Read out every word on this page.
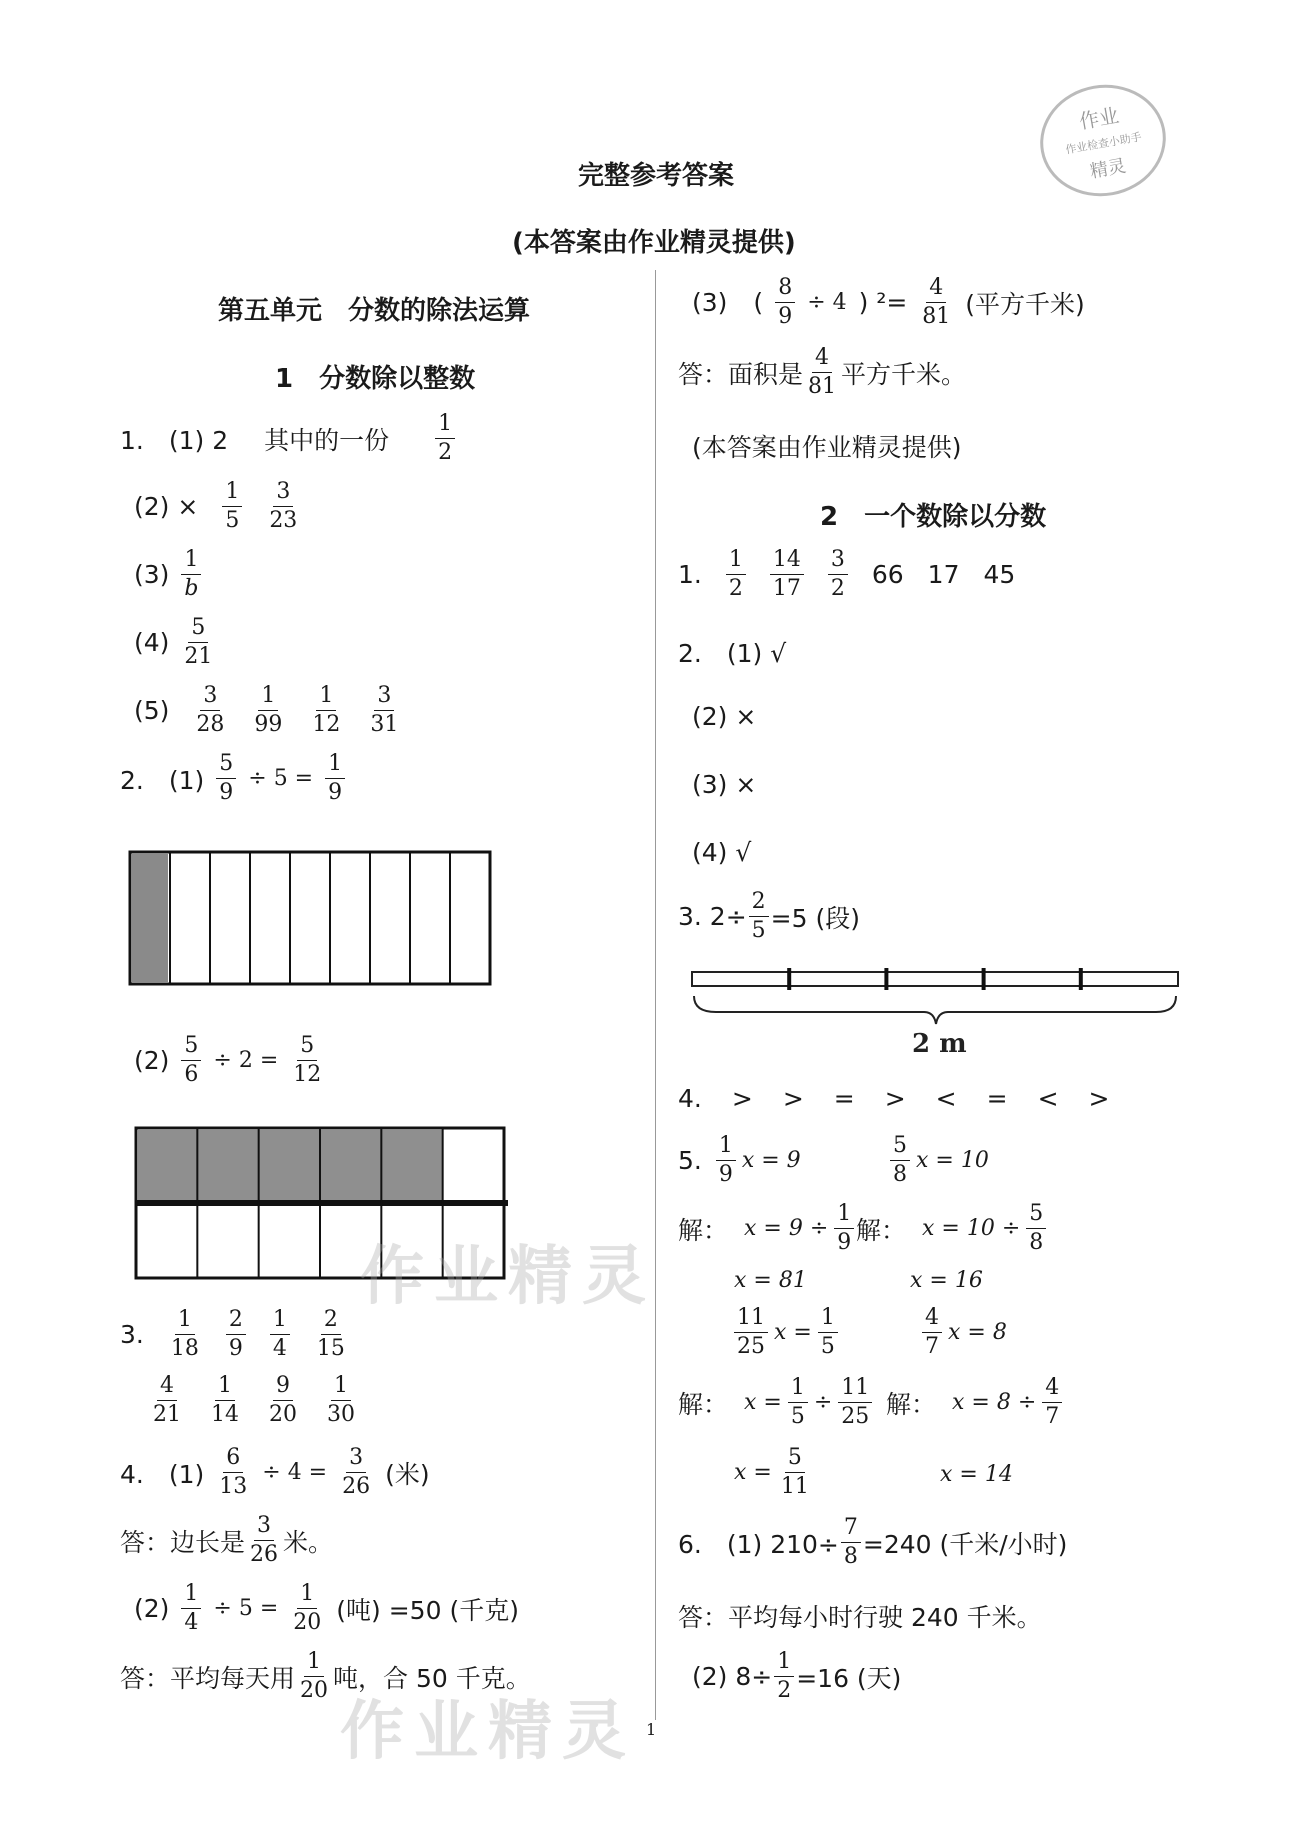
作业
作业检查小助手
精灵
完整参考答案
(本答案由作业精灵提供)
第五单元　分数的除法运算
1　分数除以整数
1.　(1) 2 其中的一份 $\frac{1}{2}$
$(2) \times \frac{1}{5} \frac{3}{23}$
$(3) \frac{1}{b}$
$(4) \frac{5}{21}$
$(5) \frac{3}{28} \frac{1}{99} \frac{1}{12} \frac{3}{31}$
2.　$(1) \frac{5}{9} \div 5 = \frac{1}{9}$
$(2) \frac{5}{6} \div 2 = \frac{5}{12}$
作业精灵
3. $\frac{1}{18} \frac{2}{9} \frac{1}{4} \frac{2}{15}$
$\frac{4}{21} \frac{1}{14} \frac{9}{20} \frac{1}{30}$
4.　$(1) \frac{6}{13} \div 4 = \frac{3}{26}$ (米)
答：边长是 $\frac{3}{26}$ 米。
$(2) \frac{1}{4} \div 5 = \frac{1}{20}$ (吨) =50 (千克)
答：平均每天用 $\frac{1}{20}$ 吨，合 50 千克。
作业精灵
(3) ( $\frac{8}{9} \div 4$ ) $^2= \frac{4}{81}$ (平方千米)
答：面积是 $\frac{4}{81}$ 平方千米。
(本答案由作业精灵提供)
2　一个数除以分数
1. $\frac{1}{2} \frac{14}{17} \frac{3}{2} 66$ 17 45
2.　(1) √
(2) ×
(3) ×
(4) √
3. $2\div \frac{2}{5} =5$ (段)
2 m
4. > > = > < = < >
5. $\frac{1}{9}$ x = 9	$\frac{5}{8}$ x = 10
解： $x = 9 \div \frac{1}{9}$ 解： $x = 10 \div \frac{5}{8}$
x = 81	x = 16
$\frac{11}{25}$ $x = \frac{1}{5}$	$\frac{4}{7}$ x = 8
解： $x = \frac{1}{5} \div \frac{11}{25}$ 解： $x = 8 \div \frac{4}{7}$
$x = \frac{5}{11}$	x = 14
6.　(1) $210\div \frac{7}{8} =240$ (千米/小时)
答：平均每小时行驶 240 千米。
(2) $8\div \frac{1}{2} =16$ (天)
1
